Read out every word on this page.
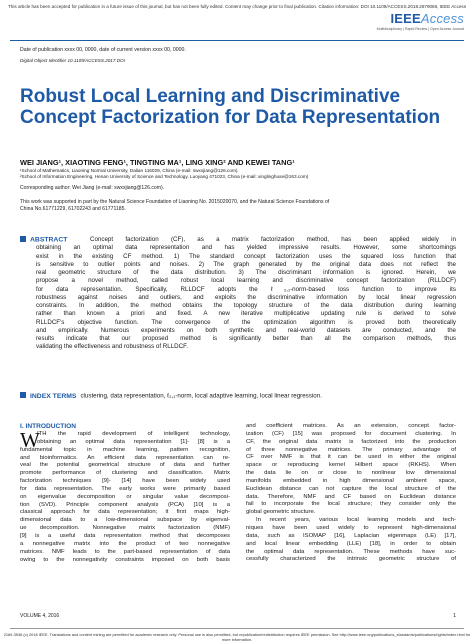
This article has been accepted for publication in a future issue of this journal, but has not been fully edited. Content may change prior to final publication. Citation information: DOI 10.1109/ACCESS.2018.2879086, IEEE Access
IEEEAccess
Multidisciplinary | Rapid Review | Open Access Journal
Date of publication xxxx 00, 0000, date of current version xxxx 00, 0000.
Digital Object Identifier 10.1109/ACCESS.2017.DOI
Robust Local Learning and Discriminative Concept Factorization for Data Representation
WEI JIANG¹, XIAOTING FENG¹, TINGTING MA¹, LING XING² AND KEWEI TANG¹
¹School of Mathematics, Liaoning Normal University, Dalian 116029, China (e-mail: swxxjiang@126.com).
²School of Information Engineering, Henan University of Science and Technology, Luoyang 471023, China (e-mail: xinglinghuse@163.com)
Corresponding author: Wei Jiang (e-mail: swxxjiang@126.com).
This work was supported in part by the Natural Science Foundation of Liaoning No. 2015020070, and the Natural Science Foundations of
China No.61771229, 61702243 and 61771185.
ABSTRACT	Concept factorization (CF), as a matrix factorization method, has been applied widely in
obtaining an optimal data representation and has yielded impressive results. However, some shortcomings
exist in the existing CF method. 1) The standard concept factorization uses the squared loss function that
is sensitive to outlier points and noises. 2) The graph generated by the original data does not reflect the
real geometric structure of the data distribution. 3) The discriminant information is ignored. Herein, we
propose a novel method, called robust local learning and discriminative concept factorization (RLLDCF)
for data representation. Specifically, RLLDCF adopts the ℓ₂,₁-norm-based loss function to improve its
robustness against noises and outliers, and exploits the discriminative information by local linear regression
constraints. In addition, the method obtains the topology structure of the data distribution during learning
rather than known a priori and fixed. A new iterative multiplicative updating rule is derived to solve
RLLDCF's objective function. The convergence of the optimization algorithm is proved both theoretically
and empirically. Numerous experiments on both synthetic and real-world datasets are conducted, and the
results indicate that our proposed method is significantly better than all the comparison methods, thus
validating the effectiveness and robustness of RLLDCF.
INDEX TERMS clustering, data representation, ℓ₂,₁-norm, local adaptive learning, local linear regression.
I. INTRODUCTION
W
ITH the rapid development of intelligent technology,
obtaining an optimal data representation [1]- [8] is a
fundamental topic in machine learning, pattern recognition,
and bioinformatics. An efficient data representation can re-
veal the potential geometrical structure of data and further
promote performance of clustering and classification. Matrix
factorization techniques [9]- [14] have been widely used
for data representation. The early works were primarily based
on eigenvalue decomposition or singular value decomposi-
tion (SVD). Principle component analysis (PCA) [10] is a
classical approach for data representation; it first maps high-
dimensional data to a low-dimensional subspace by eigenval-
ue decomposition. Nonnegative matrix factorization (NMF)
[9] is a useful data representation method that decomposes
a nonnegative matrix into the product of two nonnegative
matrices. NMF leads to the part-based representation of data
owing to the nonnegativity constraints imposed on both basis
and coefficient matrices. As an extension, concept factor-
ization (CF) [15] was proposed for document clustering. In
CF, the original data matrix is factorized into the production
of three nonnegative matrices. The primary advantage of
CF over NMF is that it can be used in either the original
space or reproducing kernel Hilbert space (RKHS). When
the data lie on or close to nonlinear low dimensional
manifolds embedded in high dimensional ambient space,
Euclidean distance can not capture the local structure of the
data. Therefore, NMF and CF based on Euclidean distance
fail to incorporate the local structure; they consider only the
global geometric structure.
In recent years, various local learning models and tech-
niques have been used widely to represent high-dimensional
data, such as ISOMAP [16], Laplacian eigenmaps (LE) [17],
and local linear embedding (LLE) [18], in order to obtain
the optimal data representation. These methods have suc-
cessfully characterized the intrinsic geometric structure of
VOLUME 4, 2016	1
2169-3536 (c) 2018 IEEE. Translations and content mining are permitted for academic research only. Personal use is also permitted, but republication/redistribution requires IEEE permission. See http://www.ieee.org/publications_standards/publications/rights/index.html for more information.
